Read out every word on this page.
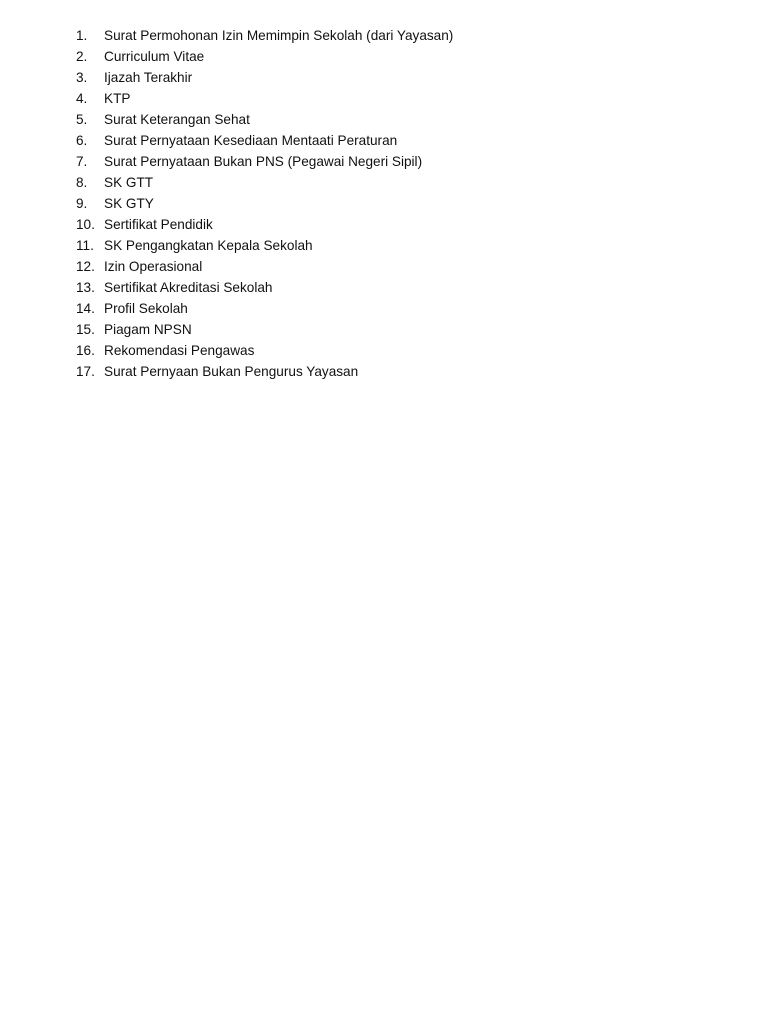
1.	Surat Permohonan Izin Memimpin Sekolah (dari Yayasan)
2.	Curriculum Vitae
3.	Ijazah Terakhir
4.	KTP
5.	Surat Keterangan Sehat
6.	Surat Pernyataan Kesediaan Mentaati Peraturan
7.	Surat Pernyataan Bukan PNS (Pegawai Negeri Sipil)
8.	SK GTT
9.	SK GTY
10. Sertifikat Pendidik
11. SK Pengangkatan Kepala Sekolah
12. Izin Operasional
13. Sertifikat Akreditasi Sekolah
14. Profil Sekolah
15. Piagam NPSN
16. Rekomendasi Pengawas
17. Surat Pernyaan Bukan Pengurus Yayasan
